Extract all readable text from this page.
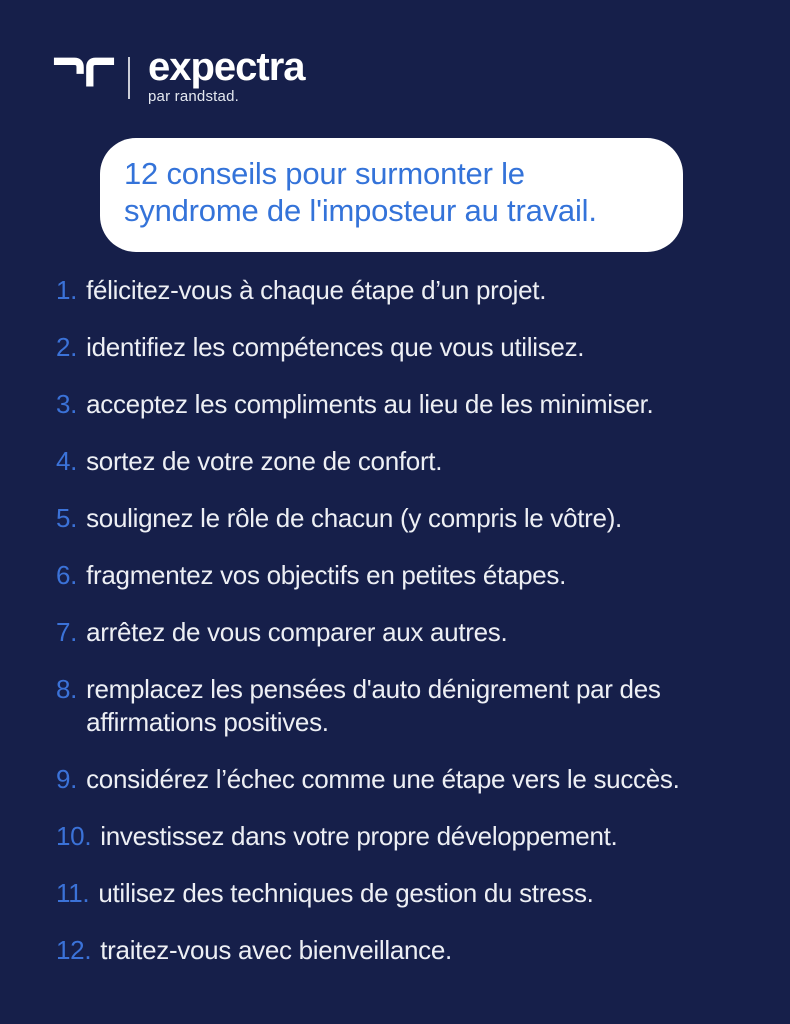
expectra
par randstad.

12 conseils pour surmonter le
syndrome de l'imposteur au travail.

1. félicitez-vous à chaque étape d’un projet.
2. identifiez les compétences que vous utilisez.
3. acceptez les compliments au lieu de les minimiser.
4. sortez de votre zone de confort.
5. soulignez le rôle de chacun (y compris le vôtre).
6. fragmentez vos objectifs en petites étapes.
7. arrêtez de vous comparer aux autres.
8. remplacez les pensées d'auto dénigrement par des affirmations positives.
9. considérez l’échec comme une étape vers le succès.
10. investissez dans votre propre développement.
11. utilisez des techniques de gestion du stress.
12. traitez-vous avec bienveillance.
